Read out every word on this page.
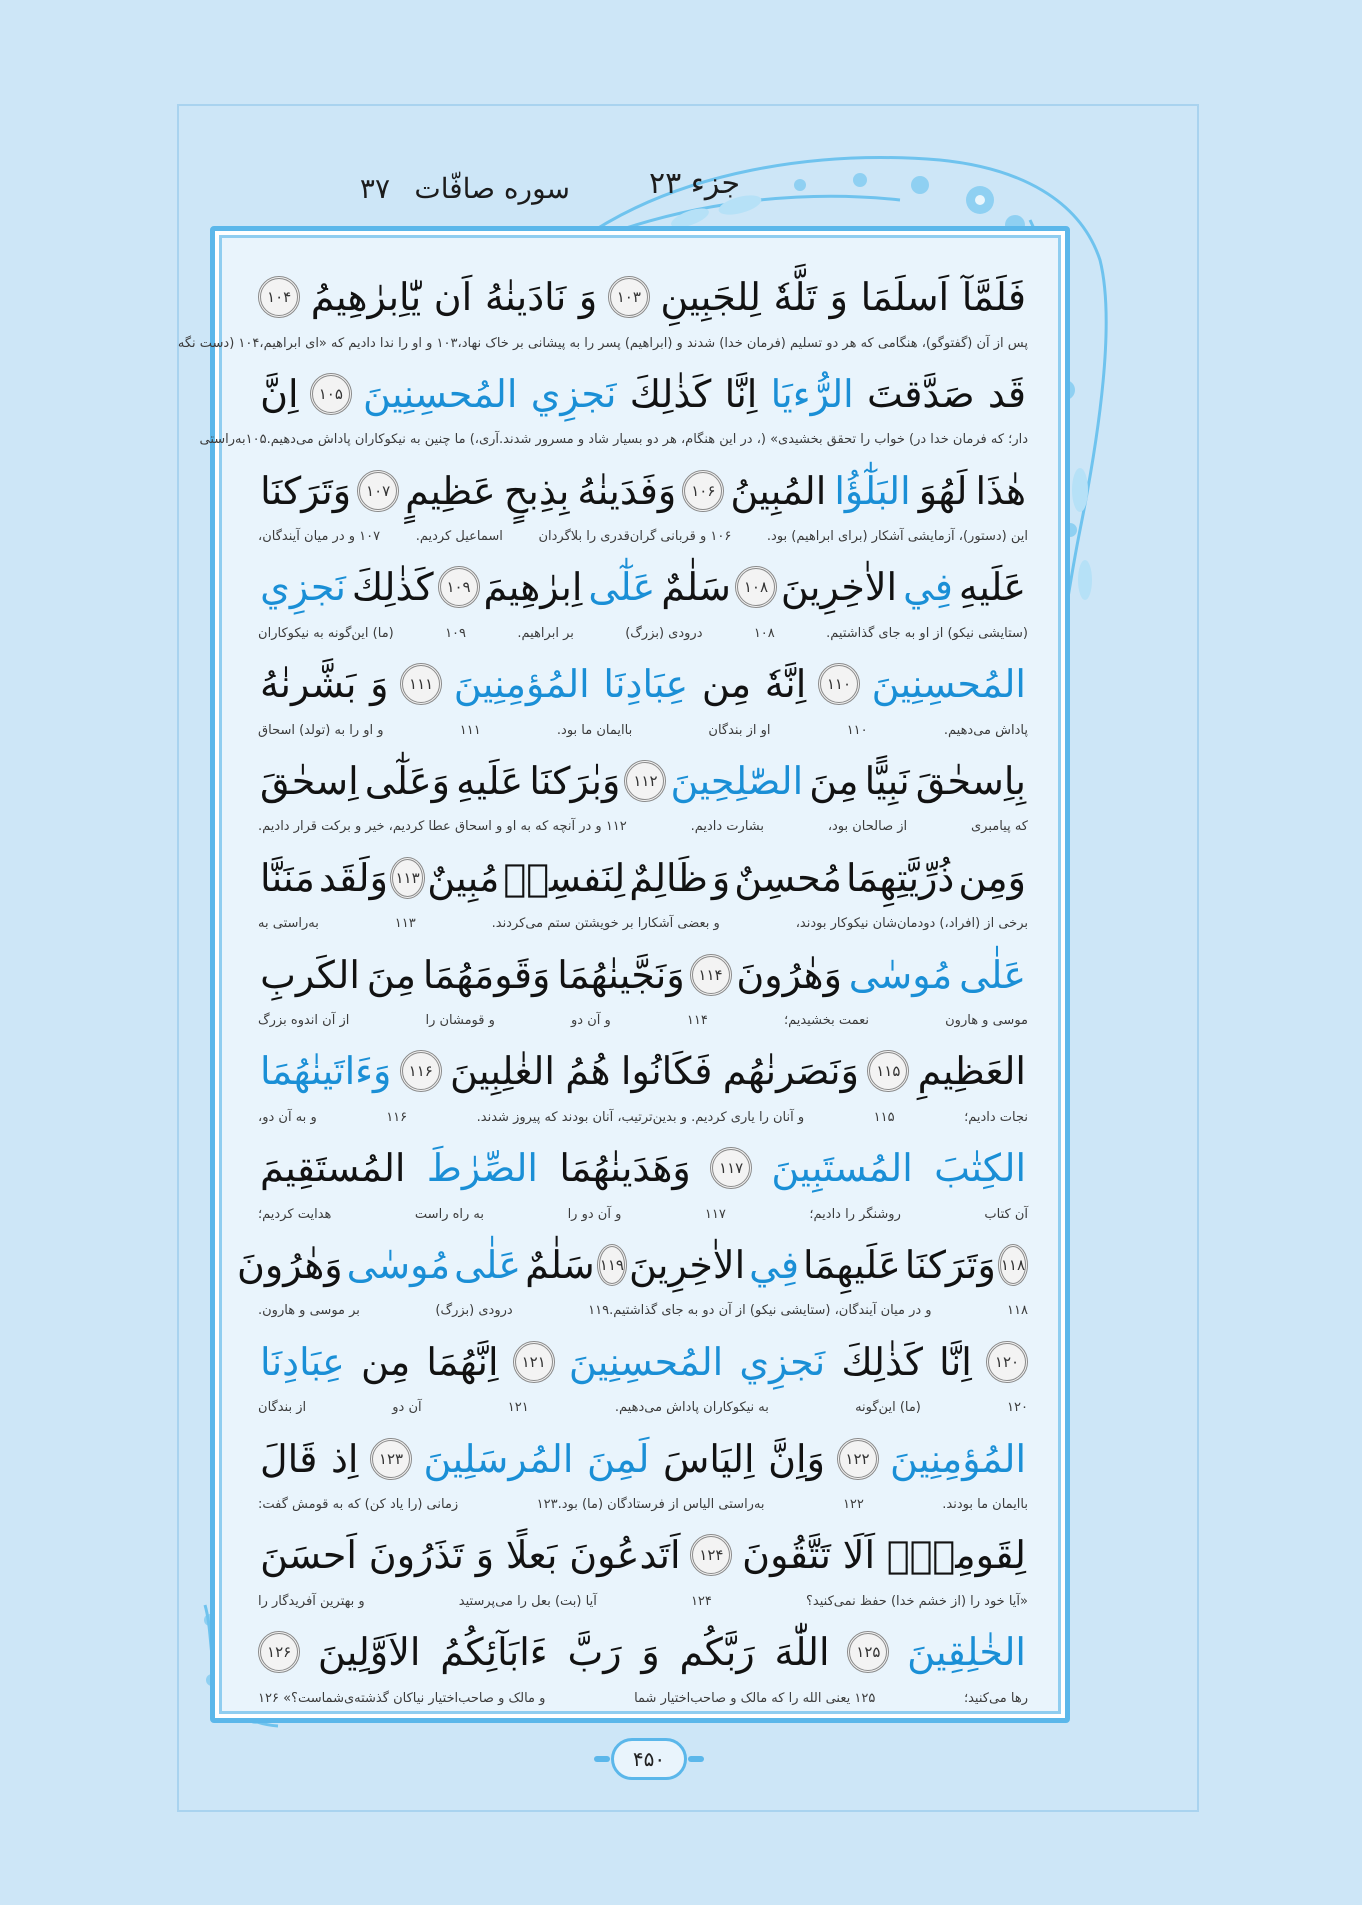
جزء ۲۳
سوره صافّات
۳۷
فَلَمَّآ
اَسلَمَا
وَ
تَلَّهٗ
لِلجَبِينِ
۱۰۳
وَ
نَادَينٰهُ
اَن
يّٰاِبرٰهِيمُ
۱۰۴
پس از آن (گفتوگو)، هنگامی که هر دو تسلیم (فرمان خدا) شدند و (ابراهیم) پسر را به پیشانی بر خاک نهاد،۱۰۳ و او را ندا دادیم که «ای ابراهیم،۱۰۴ (دست نگه
قَد
صَدَّقتَ
الرُّءيَا
اِنَّا
كَذٰلِكَ
نَجزِي
المُحسِنِينَ
۱۰۵
اِنَّ
دار؛ که فرمان خدا در) خواب را تحقق بخشیدی» (، در این هنگام، هر دو بسیار شاد و مسرور شدند.آری،) ما چنین به نیکوکاران پاداش می‌دهیم.۱۰۵
به‌راستی
هٰذَا
لَهُوَ
البَلٰٓؤُا
المُبِينُ
۱۰۶
وَفَدَينٰهُ
بِذِبحٍ
عَظِيمٍ
۱۰۷
وَتَرَكنَا
این (دستور)، آزمایشی آشکار (برای ابراهیم) بود.
۱۰۶ و قربانی گران‌قدری را بلاگردان
اسماعیل کردیم.
۱۰۷ و در میان آیندگان،
عَلَيهِ
فِي
الاٰخِرِينَ
۱۰۸
سَلٰمٌ
عَلٰٓى
اِبرٰهِيمَ
۱۰۹
كَذٰلِكَ
نَجزِي
(ستایشی نیکو) از او به جای گذاشتیم.
۱۰۸
درودی (بزرگ)
بر ابراهیم.
۱۰۹
(ما) این‌گونه به نیکوکاران
المُحسِنِينَ
۱۱۰
اِنَّهٗ
مِن
عِبَادِنَا
المُؤمِنِينَ
۱۱۱
وَ
بَشَّرنٰهُ
پاداش می‌دهیم.
۱۱۰
او از بندگان
باایمان ما بود.
۱۱۱
و او را به (تولد) اسحاق
بِاِسحٰقَ
نَبِيًّا
مِنَ
الصّٰلِحِينَ
۱۱۲
وَبٰرَكنَا
عَلَيهِ
وَعَلٰٓى
اِسحٰقَ
که پیامبری
از صالحان بود،
بشارت دادیم.
۱۱۲ و در آنچه که به او و اسحاق عطا کردیم، خیر و برکت قرار دادیم.
وَمِن
ذُرِّيَّتِهِمَا
مُحسِنٌ
وَ
ظَالِمٌ
لِنَفسِهٖ
مُبِينٌ
۱۱۳
وَلَقَد
مَنَنَّا
برخی از (افراد،) دودمان‌شان نیکوکار بودند،
و بعضی آشکارا بر خویشتن ستم می‌کردند.
۱۱۳
به‌راستی به
عَلٰى
مُوسٰى
وَهٰرُونَ
۱۱۴
وَنَجَّينٰهُمَا
وَقَومَهُمَا
مِنَ
الكَربِ
موسی و هارون
نعمت بخشیدیم؛
۱۱۴
و آن دو
و قومشان را
از آن اندوه بزرگ
العَظِيمِ
۱۱۵
وَنَصَرنٰهُم
فَكَانُوا
هُمُ
الغٰلِبِينَ
۱۱۶
وَءَاتَينٰهُمَا
نجات دادیم؛
۱۱۵
و آنان را یاری کردیم. و بدین‌ترتیب، آنان بودند که پیروز شدند.
۱۱۶
و به آن دو،
الكِتٰبَ
المُستَبِينَ
۱۱۷
وَهَدَينٰهُمَا
الصِّرٰطَ
المُستَقِيمَ
آن کتاب
روشنگر را دادیم؛
۱۱۷
و آن دو را
به راه راست
هدایت کردیم؛
۱۱۸
وَتَرَكنَا
عَلَيهِمَا
فِي
الاٰخِرِينَ
۱۱۹
سَلٰمٌ
عَلٰى
مُوسٰى
وَهٰرُونَ
۱۱۸
و در میان آیندگان، (ستایشی نیکو) از آن دو به جای گذاشتیم.۱۱۹
درودی (بزرگ)
بر موسی و هارون.
۱۲۰
اِنَّا
كَذٰلِكَ
نَجزِي
المُحسِنِينَ
۱۲۱
اِنَّهُمَا
مِن
عِبَادِنَا
۱۲۰
(ما) این‌گونه
به نیکوکاران پاداش می‌دهیم.
۱۲۱
آن دو
از بندگان
المُؤمِنِينَ
۱۲۲
وَاِنَّ
اِليَاسَ
لَمِنَ
المُرسَلِينَ
۱۲۳
اِذ
قَالَ
باایمان ما بودند.
۱۲۲
به‌راستی الیاس از فرستادگان (ما) بود.۱۲۳
زمانی (را یاد کن) که به قومش گفت:
لِقَومِهٖٓ
اَلَا
تَتَّقُونَ
۱۲۴
اَتَدعُونَ
بَعلًا
وَ
تَذَرُونَ
اَحسَنَ
«آیا خود را (از خشم خدا) حفظ نمی‌کنید؟
۱۲۴
آیا (بت) بعل را می‌پرستید
و بهترین آفریدگار را
الخٰلِقِينَ
۱۲۵
اللّٰهَ
رَبَّكُم
وَ
رَبَّ
ءَابَآئِكُمُ
الاَوَّلِينَ
۱۲۶
رها می‌کنید؛
۱۲۵ یعنی الله را که مالک و صاحب‌اختیار شما
و مالک و صاحب‌اختیار نیاکان گذشته‌ی‌شماست؟» ۱۲۶
۴۵۰
